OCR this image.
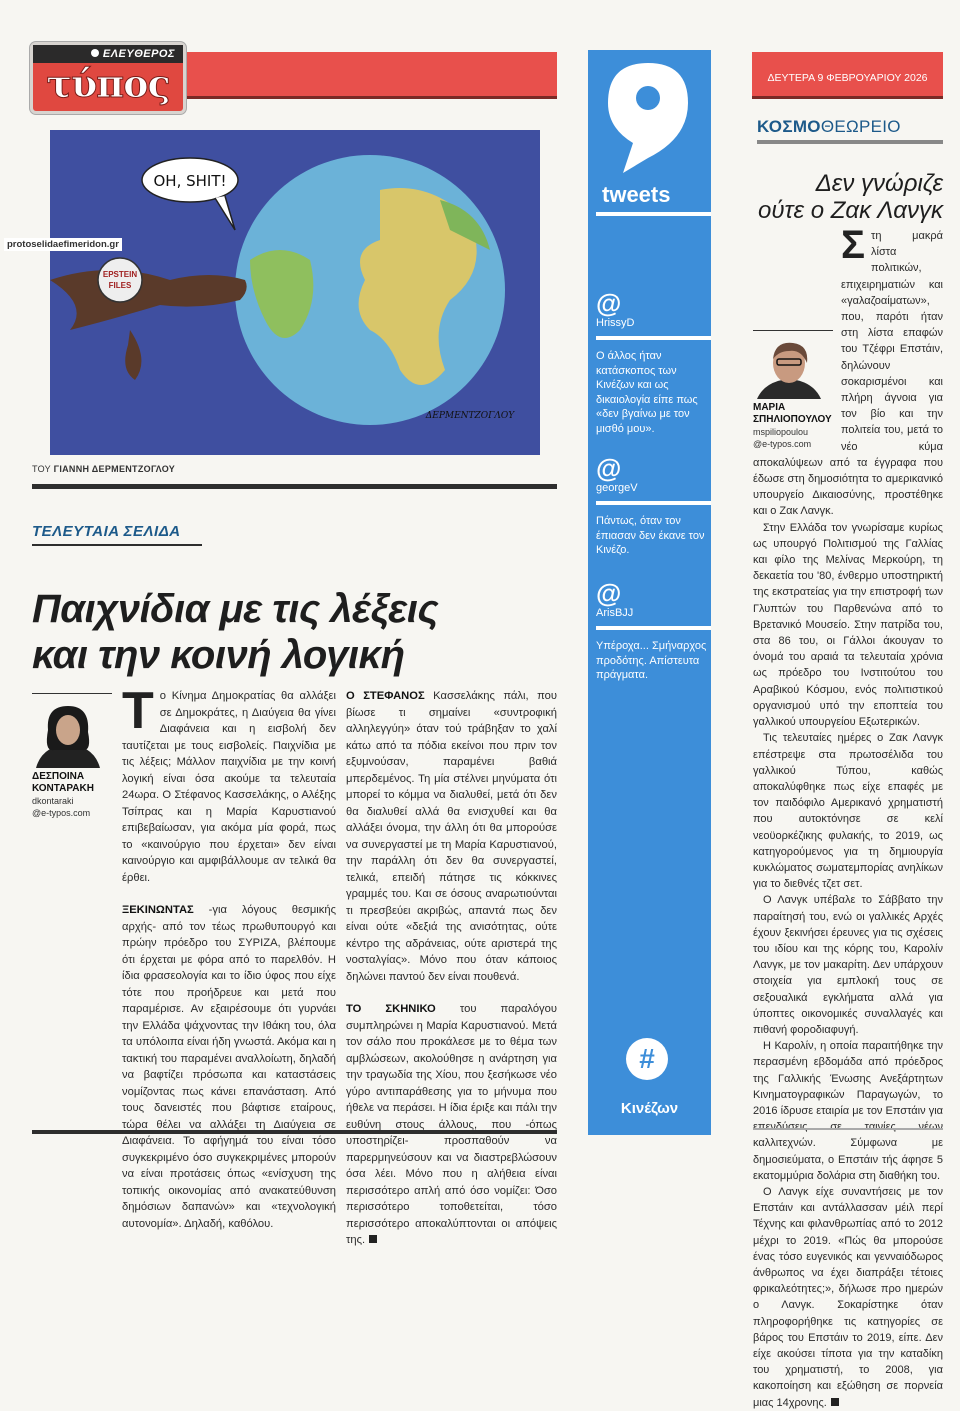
ΕΛΕΥΘΕΡΟΣ
τύπος
EPSTEIN
FILES
OH, SHIT!
ΔΕΡΜΕΝΤΖΟΓΛΟΥ
protoselidaefimeridon.gr
ΤΟΥ ΓΙΑΝΝΗ ΔΕΡΜΕΝΤΖΟΓΛΟΥ
ΤΕΛΕΥΤΑΙΑ ΣΕΛΙΔΑ
Παιχνίδια με τις λέξεις
και την κοινή λογική
ΔΕΣΠΟΙΝΑ
ΚΟΝΤΑΡΑΚΗ
dkontaraki
@e-typos.com

Το Κίνημα Δημοκρατίας θα αλλάξει σε Δημοκράτες, η Διαύγεια θα γίνει Διαφάνεια και η εισβολή δεν ταυτίζεται με τους εισβολείς. Παιχνίδια με τις λέξεις; Μάλλον παιχνίδια με την κοινή λογική είναι όσα ακούμε τα τελευταία 24ωρα. Ο Στέφανος Κασσελάκης, ο Αλέξης Τσίπρας και η Μαρία Καρυστιανού επιβεβαίωσαν, για ακόμα μία φορά, πως το «καινούργιο που έρχεται» δεν είναι καινούργιο και αμφιβάλλουμε αν τελικά θα έρθει.

ΞΕΚΙΝΩΝΤΑΣ -για λόγους θεσμικής αρχής- από τον τέως πρωθυπουργό και πρώην πρόεδρο του ΣΥΡΙΖΑ, βλέπουμε ότι έρχεται με φόρα από το παρελθόν. Η ίδια φρασεολογία και το ίδιο ύφος που είχε τότε που προήδρευε και μετά που παραμέρισε. Αν εξαιρέσουμε ότι γυρνάει την Ελλάδα ψάχνοντας την Ιθάκη του, όλα τα υπόλοιπα είναι ήδη γνωστά. Ακόμα και η τακτική του παραμένει αναλλοίωτη, δηλαδή να βαφτίζει πρόσωπα και καταστάσεις νομίζοντας πως κάνει επανάσταση. Από τους δανειστές που βάφτισε εταίρους, τώρα θέλει να αλλάξει τη Διαύγεια σε Διαφάνεια. Το αφήγημά του είναι τόσο συγκεκριμένο όσο συγκεκριμένες μπορούν να είναι προτάσεις όπως «ενίσχυση της τοπικής οικονομίας από ανακατεύθυνση δημόσιων δαπανών» και «τεχνολογική αυτονομία». Δηλαδή, καθόλου.

Ο ΣΤΕΦΑΝΟΣ Κασσελάκης πάλι, που βίωσε τι σημαίνει «συντροφική αλληλεγγύη» όταν τού τράβηξαν το χαλί κάτω από τα πόδια εκείνοι που πριν τον εξυμνούσαν, παραμένει βαθιά μπερδεμένος. Τη μία στέλνει μηνύματα ότι μπορεί το κόμμα να διαλυθεί, μετά ότι δεν θα διαλυθεί αλλά θα ενισχυθεί και θα αλλάξει όνομα, την άλλη ότι θα μπορούσε να συνεργαστεί με τη Μαρία Καρυστιανού, την παράλλη ότι δεν θα συνεργαστεί, τελικά, επειδή πάτησε τις κόκκινες γραμμές του. Και σε όσους αναρωτιούνται τι πρεσβεύει ακριβώς, απαντά πως δεν είναι ούτε «δεξιά της ανισότητας, ούτε κέντρο της αδράνειας, ούτε αριστερά της νοσταλγίας». Μόνο που όταν κάποιος δηλώνει παντού δεν είναι πουθενά.

ΤΟ ΣΚΗΝΙΚΟ του παραλόγου συμπληρώνει η Μαρία Καρυστιανού. Μετά τον σάλο που προκάλεσε με το θέμα των αμβλώσεων, ακολούθησε η ανάρτηση για την τραγωδία της Χίου, που ξεσήκωσε νέο γύρο αντιπαράθεσης για το μήνυμα που ήθελε να περάσει. Η ίδια έριξε και πάλι την ευθύνη στους άλλους, που -όπως υποστηρίζει- προσπαθούν να παρερμηνεύσουν και να διαστρεβλώσουν όσα λέει. Μόνο που η αλήθεια είναι περισσότερο απλή από όσο νομίζει: Όσο περισσότερο τοποθετείται, τόσο περισσότερο αποκαλύπτονται οι απόψεις της.

tweets
@
HrissyD
Ο άλλος ήταν κατάσκοπος των Κινέζων και ως δικαιολογία είπε πως «δεν βγαίνω με τον μισθό μου».
@
georgeV
Πάντως, όταν τον έπιασαν δεν έκανε τον Κινέζο.
@
ArisBJJ
Υπέροχα... Σμήναρχος προδότης. Απίστευτα πράγματα.
#
Κινέζων
ΔΕΥΤΕΡΑ 9 ΦΕΒΡΟΥΑΡΙΟΥ 2026
ΚΟΣΜΟΘΕΩΡΕΙΟ
Δεν γνώριζε
ούτε ο Ζακ Λανγκ
ΜΑΡΙΑ
ΣΠΗΛΙΟΠΟΥΛΟΥ
mspiliopoulou
@e-typos.com

Στη μακρά λίστα πολιτικών, επιχειρηματιών και «γαλαζοαίματων», που, παρότι ήταν στη λίστα επαφών του Τζέφρι Επστάιν, δηλώνουν σοκαρισμένοι και πλήρη άγνοια για τον βίο και την πολιτεία του, μετά το νέο κύμα αποκαλύψεων από τα έγγραφα που έδωσε στη δημοσιότητα το αμερικανικό υπουργείο Δικαιοσύνης, προστέθηκε και ο Ζακ Λανγκ.

Στην Ελλάδα τον γνωρίσαμε κυρίως ως υπουργό Πολιτισμού της Γαλλίας και φίλο της Μελίνας Μερκούρη, τη δεκαετία του '80, ένθερμο υποστηρικτή της εκστρατείας για την επιστροφή των Γλυπτών του Παρθενώνα από το Βρετανικό Μουσείο. Στην πατρίδα του, στα 86 του, οι Γάλλοι άκουγαν το όνομά του αραιά τα τελευταία χρόνια ως πρόεδρο του Ινστιτούτου του Αραβικού Κόσμου, ενός πολιτιστικού οργανισμού υπό την εποπτεία του γαλλικού υπουργείου Εξωτερικών.

Τις τελευταίες ημέρες ο Ζακ Λανγκ επέστρεψε στα πρωτοσέλιδα του γαλλικού Τύπου, καθώς αποκαλύφθηκε πως είχε επαφές με τον παιδόφιλο Αμερικανό χρηματιστή που αυτοκτόνησε σε κελί νεοϋορκέζικης φυλακής, το 2019, ως κατηγορούμενος για τη δημιουργία κυκλώματος σωματεμπορίας ανηλίκων για το διεθνές τζετ σετ.

Ο Λανγκ υπέβαλε το Σάββατο την παραίτησή του, ενώ οι γαλλικές Αρχές έχουν ξεκινήσει έρευνες για τις σχέσεις του ιδίου και της κόρης του, Καρολίν Λανγκ, με τον μακαρίτη. Δεν υπάρχουν στοιχεία για εμπλοκή τους σε σεξουαλικά εγκλήματα αλλά για ύποπτες οικονομικές συναλλαγές και πιθανή φοροδιαφυγή.

Η Καρολίν, η οποία παραιτήθηκε την περασμένη εβδομάδα από πρόεδρος της Γαλλικής Ένωσης Ανεξάρτητων Κινηματογραφικών Παραγωγών, το 2016 ίδρυσε εταιρία με τον Επστάιν για καλλιτεχνών. Σύμφωνα με δημοσιεύματα, ο Επστάιν τής άφησε 5 εκατομμύρια δολάρια στη διαθήκη του.

Ο Λανγκ είχε συναντήσεις με τον Επστάιν και αντάλλασσαν μέιλ περί Τέχνης και φιλανθρωπίας από το 2012 μέχρι το 2019. «Πώς θα μπορούσε ένας τόσο ευγενικός και γενναιόδωρος άνθρωπος να έχει διαπράξει τέτοιες φρικαλεότητες;», δήλωσε προ ημερών ο Λανγκ. Σοκαρίστηκε όταν πληροφορήθηκε τις κατηγορίες σε βάρος του Επστάιν το 2019, είπε. Δεν είχε ακούσει τίποτα για την καταδίκη του χρηματιστή, το 2008, για κακοποίηση και εξώθηση σε πορνεία μιας 14χρονης.
